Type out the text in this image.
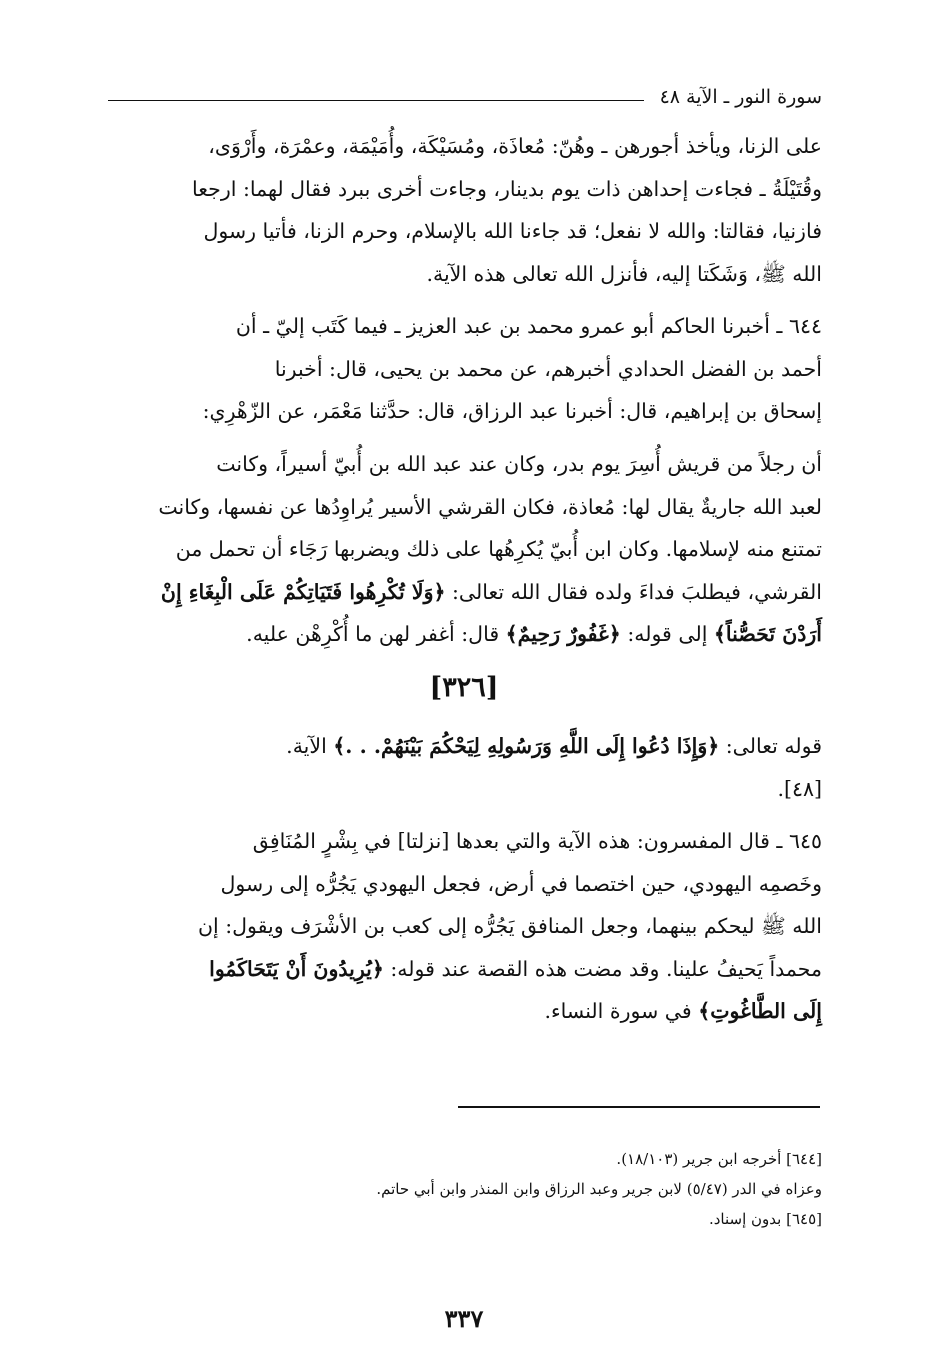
سورة النور ـ الآية ٤٨

على الزنا، ويأخذ أجورهن ـ وهُنّ: مُعاذَة، ومُسَيْكَة، وأُمَيْمَة، وعمْرَة، وأَرْوَى،

وقُتَيْلَةُ ـ فجاءت إحداهن ذات يوم بدينار، وجاءت أخرى ببرد فقال لهما: ارجعا

فازنيا، فقالتا: والله لا نفعل؛ قد جاءنا الله بالإسلام، وحرم الزنا، فأتيا رسول

الله ﷺ، وَشَكَتا إليه، فأنزل الله تعالى هذه الآية.

٦٤٤ ـ أخبرنا الحاكم أبو عمرو محمد بن عبد العزيز ـ فيما كَتَب إليّ ـ أن

أحمد بن الفضل الحدادي أخبرهم، عن محمد بن يحيى، قال: أخبرنا

إسحاق بن إبراهيم، قال: أخبرنا عبد الرزاق، قال: حدَّثنا مَعْمَر، عن الزّهْرِي:

أن رجلاً من قريش أُسِرَ يوم بدر، وكان عند عبد الله بن أُبيّ أسيراً، وكانت

لعبد الله جاريةٌ يقال لها: مُعاذة، فكان القرشي الأسير يُراوِدُها عن نفسها، وكانت

تمتنع منه لإسلامها. وكان ابن أُبيّ يُكرِهُها على ذلك ويضربها رَجَاء أن تحمل من

القرشي، فيطلبَ فداءَ ولده فقال الله تعالى: ﴿وَلَا تُكْرِهُوا فَتَيَاتِكُمْ عَلَى الْبِغَاءِ إِنْ

أَرَدْنَ تَحَصُّناً﴾ إلى قوله: ﴿غَفُورٌ رَحِيمٌ﴾ قال: أغفر لهن ما أُكْرِهْن عليه.

[٣٢٦]

قوله تعالى: ﴿وَإِذَا دُعُوا إِلَى اللَّهِ وَرَسُولِهِ لِيَحْكُمَ بَيْنَهُمْ. . .﴾ الآية.

[٤٨].

٦٤٥ ـ قال المفسرون: هذه الآية والتي بعدها [نزلتا] في بِشْرٍ المُنَافِق

وخَصمِه اليهودي، حين اختصما في أرض، فجعل اليهودي يَجُرُّه إلى رسول

الله ﷺ ليحكم بينهما، وجعل المنافق يَجُرُّه إلى كعب بن الأشْرَف ويقول: إن

محمداً يَحيفُ علينا. وقد مضت هذه القصة عند قوله: ﴿يُرِيدُونَ أَنْ يَتَحَاكَمُوا

إِلَى الطَّاغُوتِ﴾ في سورة النساء.

[٦٤٤] أخرجه ابن جرير (١٨/١٠٣).

وعزاه في الدر (٥/٤٧) لابن جرير وعبد الرزاق وابن المنذر وابن أبي حاتم.

[٦٤٥] بدون إسناد.

٣٣٧
